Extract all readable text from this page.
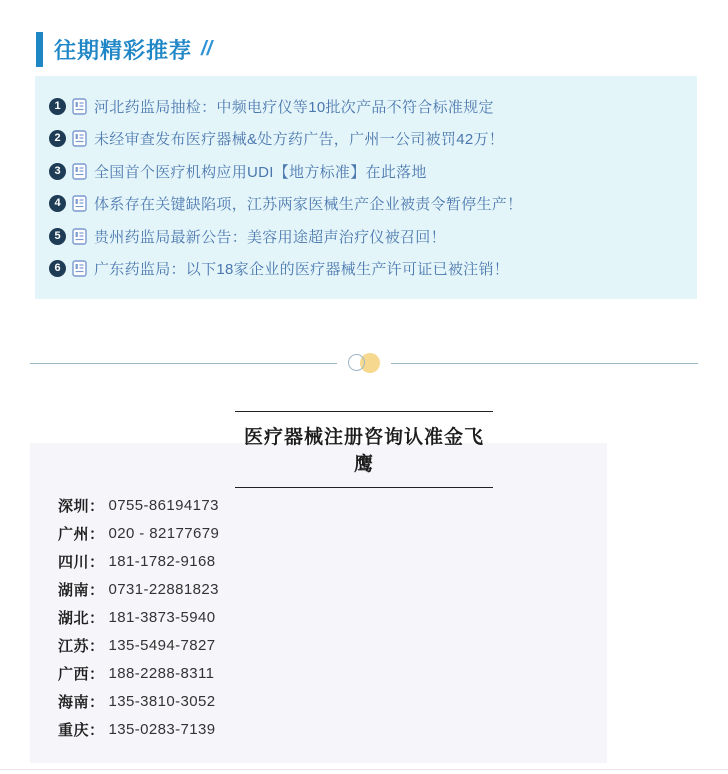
往期精彩推荐 //
1	河北药监局抽检：中频电疗仪等10批次产品不符合标准规定
2	未经审查发布医疗器械&处方药广告，广州一公司被罚42万！
3	全国首个医疗机构应用UDI【地方标准】在此落地
4	体系存在关键缺陷项，江苏两家医械生产企业被责令暂停生产！
5	贵州药监局最新公告：美容用途超声治疗仪被召回！
6	广东药监局：以下18家企业的医疗器械生产许可证已被注销！
医疗器械注册咨询认准金飞鹰
深圳： 0755-86194173
广州： 020 - 82177679
四川： 181-1782-9168
湖南： 0731-22881823
湖北： 181-3873-5940
江苏： 135-5494-7827
广西： 188-2288-8311
海南： 135-3810-3052
重庆： 135-0283-7139
